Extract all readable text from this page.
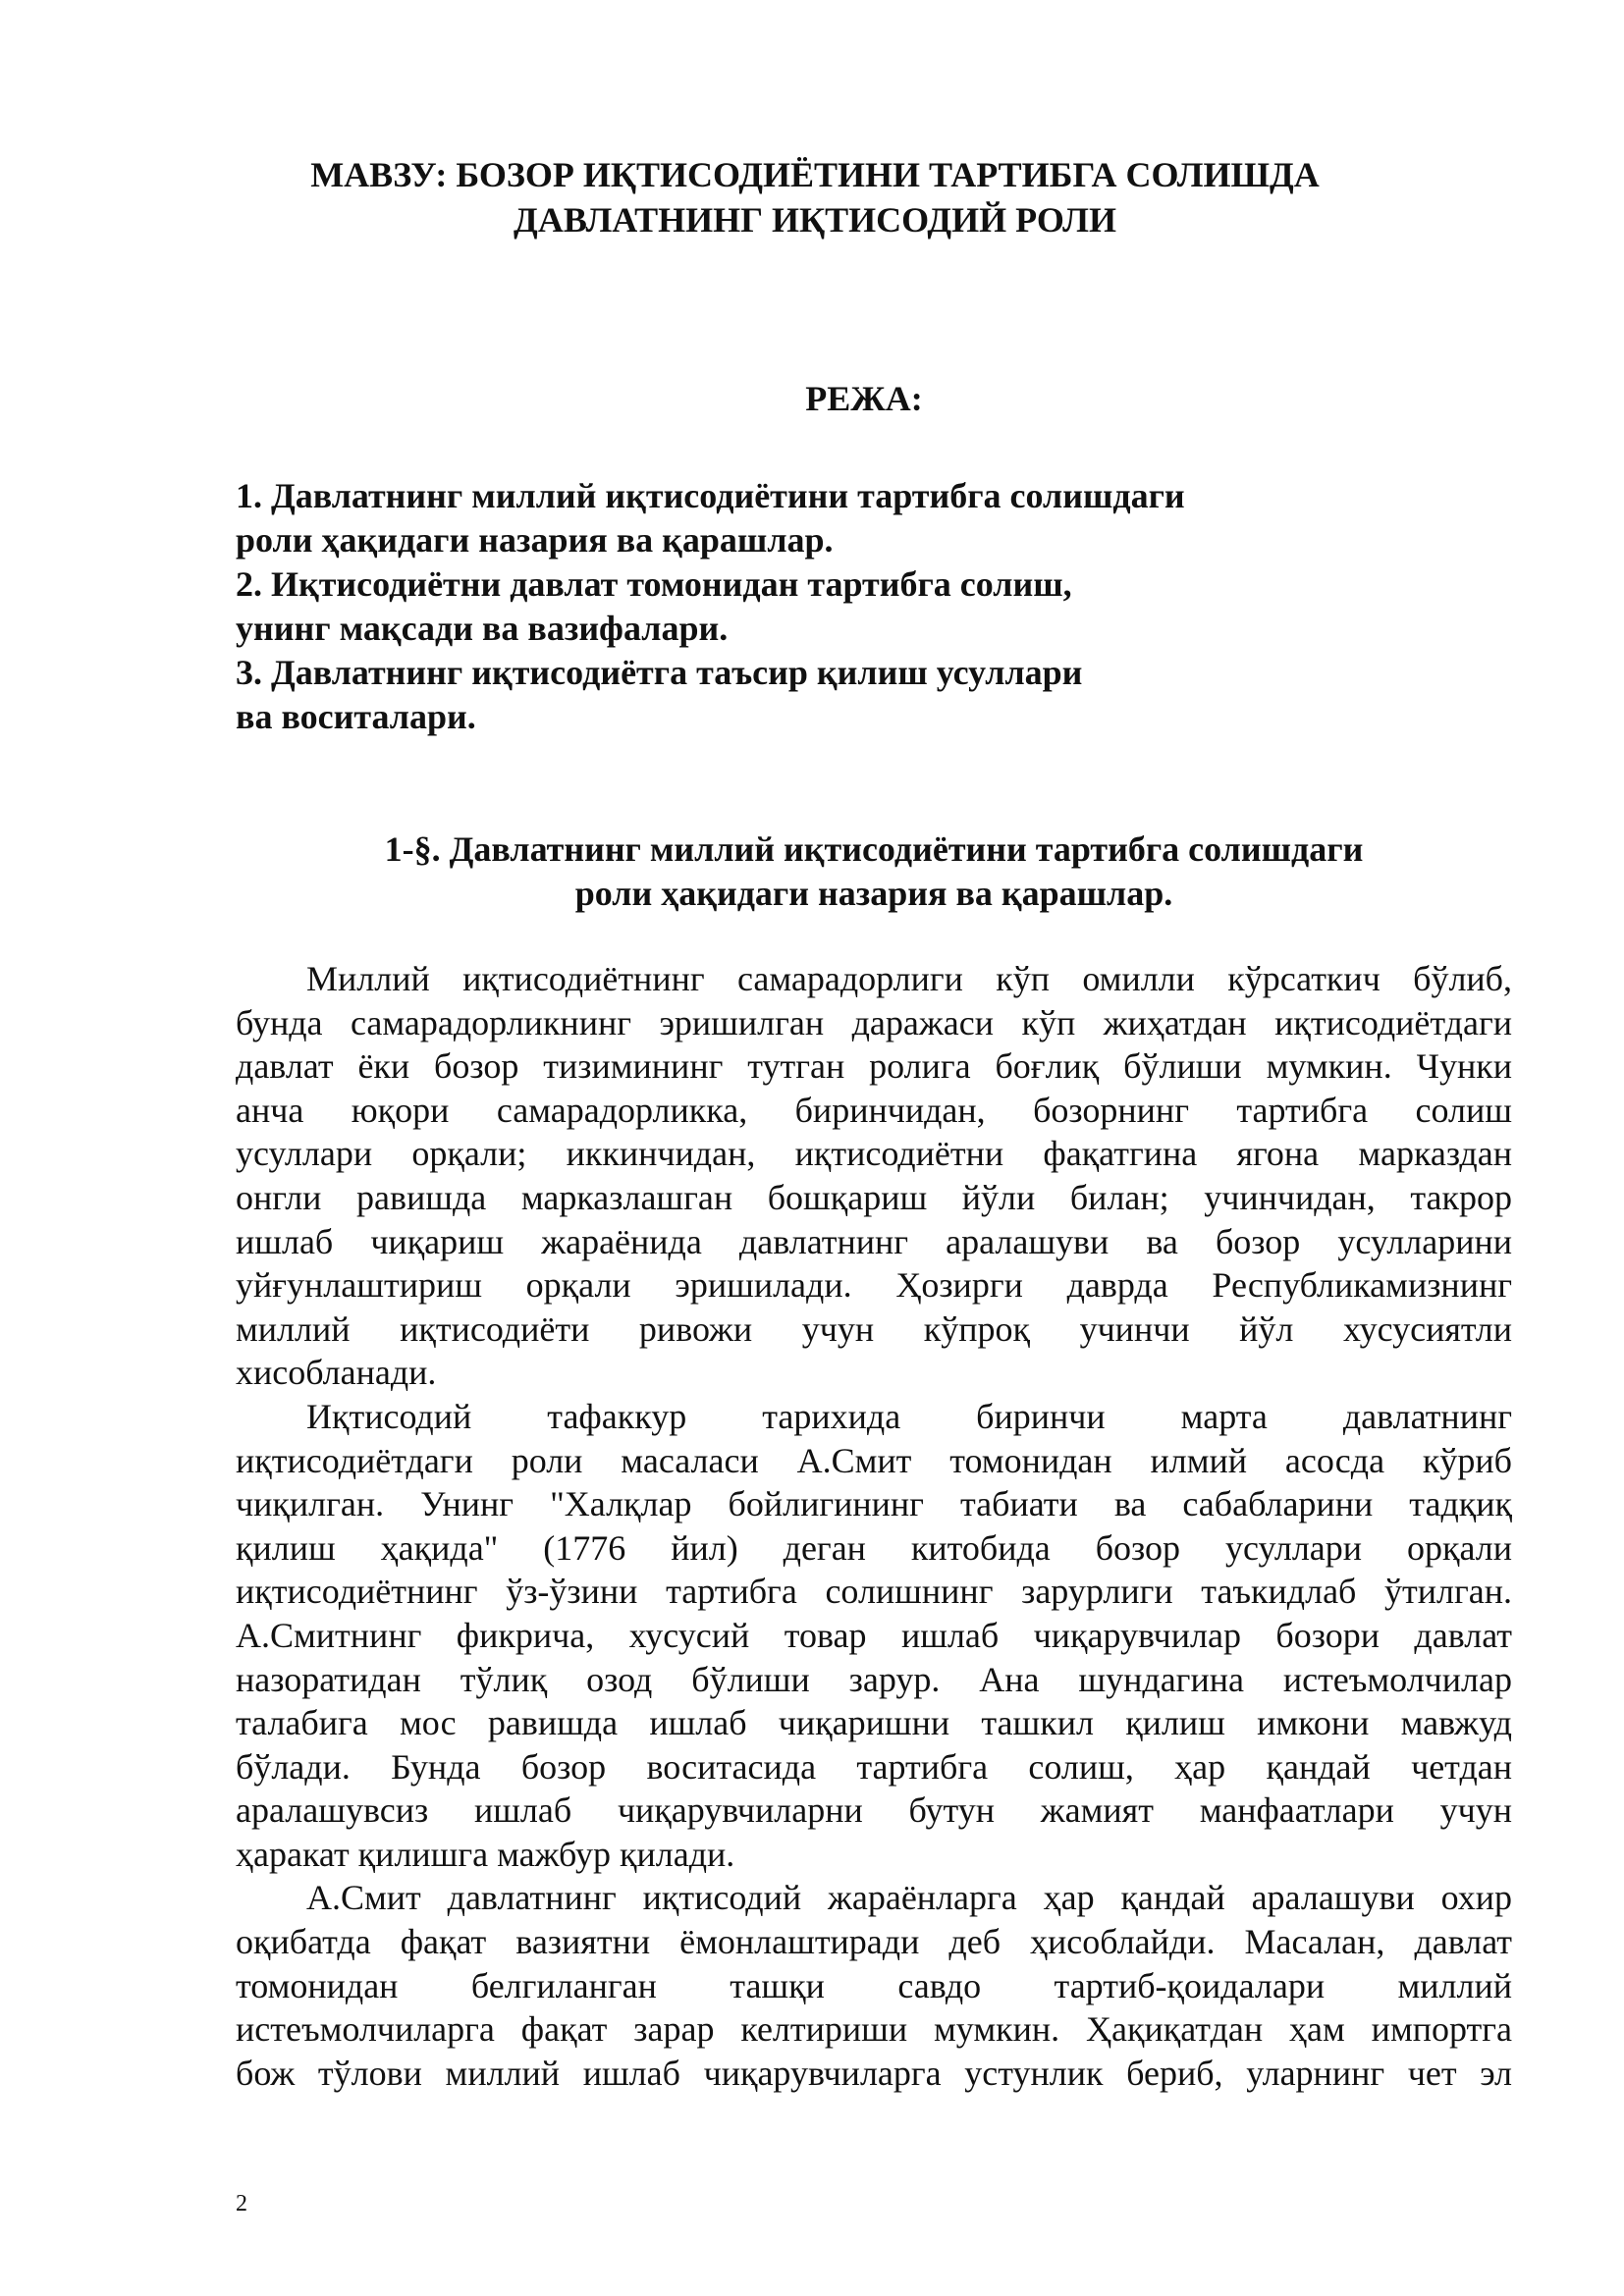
МАВЗУ: БОЗОР ИҚТИСОДИЁТИНИ ТАРТИБГА СОЛИШДА
ДАВЛАТНИНГ ИҚТИСОДИЙ РОЛИ
РЕЖА:
1. Давлатнинг миллий иқтисодиётини тартибга солишдаги
роли ҳақидаги назария ва қарашлар.
2. Иқтисодиётни давлат томонидан тартибга солиш,
унинг мақсади ва вазифалари.
3. Давлатнинг иқтисодиётга таъсир қилиш усуллари
ва воситалари.
1-§. Давлатнинг миллий иқтисодиётини тартибга солишдаги
роли ҳақидаги назария ва қарашлар.
Миллий иқтисодиётнинг самарадорлиги кўп омилли кўрсаткич бўлиб,
бунда самарадорликнинг эришилган даражаси кўп жиҳатдан иқтисодиётдаги
давлат ёки бозор тизимининг тутган ролига боғлиқ бўлиши мумкин. Чунки
анча юқори самарадорликка, биринчидан, бозорнинг тартибга солиш
усуллари орқали; иккинчидан, иқтисодиётни фақатгина ягона марказдан
онгли равишда марказлашган бошқариш йўли билан; учинчидан, такрор
ишлаб чиқариш жараёнида давлатнинг аралашуви ва бозор усулларини
уйғунлаштириш орқали эришилади. Ҳозирги даврда Республикамизнинг
миллий иқтисодиёти ривожи учун кўпроқ учинчи йўл хусусиятли
хисобланади.
Иқтисодий тафаккур тарихида биринчи марта давлатнинг
иқтисодиётдаги роли масаласи А.Смит томонидан илмий асосда кўриб
чиқилган. Унинг "Халқлар бойлигининг табиати ва сабабларини тадқиқ
қилиш ҳақида" (1776 йил) деган китобида бозор усуллари орқали
иқтисодиётнинг ўз-ўзини тартибга солишнинг зарурлиги таъкидлаб ўтилган.
А.Смитнинг фикрича, хусусий товар ишлаб чиқарувчилар бозори давлат
назоратидан тўлиқ озод бўлиши зарур. Ана шундагина истеъмолчилар
талабига мос равишда ишлаб чиқаришни ташкил қилиш имкони мавжуд
бўлади. Бунда бозор воситасида тартибга солиш, ҳар қандай четдан
аралашувсиз ишлаб чиқарувчиларни бутун жамият манфаатлари учун
ҳаракат қилишга мажбур қилади.
А.Смит давлатнинг иқтисодий жараёнларга ҳар қандай аралашуви охир
оқибатда фақат вазиятни ёмонлаштиради деб ҳисоблайди. Масалан, давлат
томонидан белгиланган ташқи савдо тартиб-қоидалари миллий
истеъмолчиларга фақат зарар келтириши мумкин. Ҳақиқатдан ҳам импортга
бож тўлови миллий ишлаб чиқарувчиларга устунлик бериб, уларнинг чет эл
2
